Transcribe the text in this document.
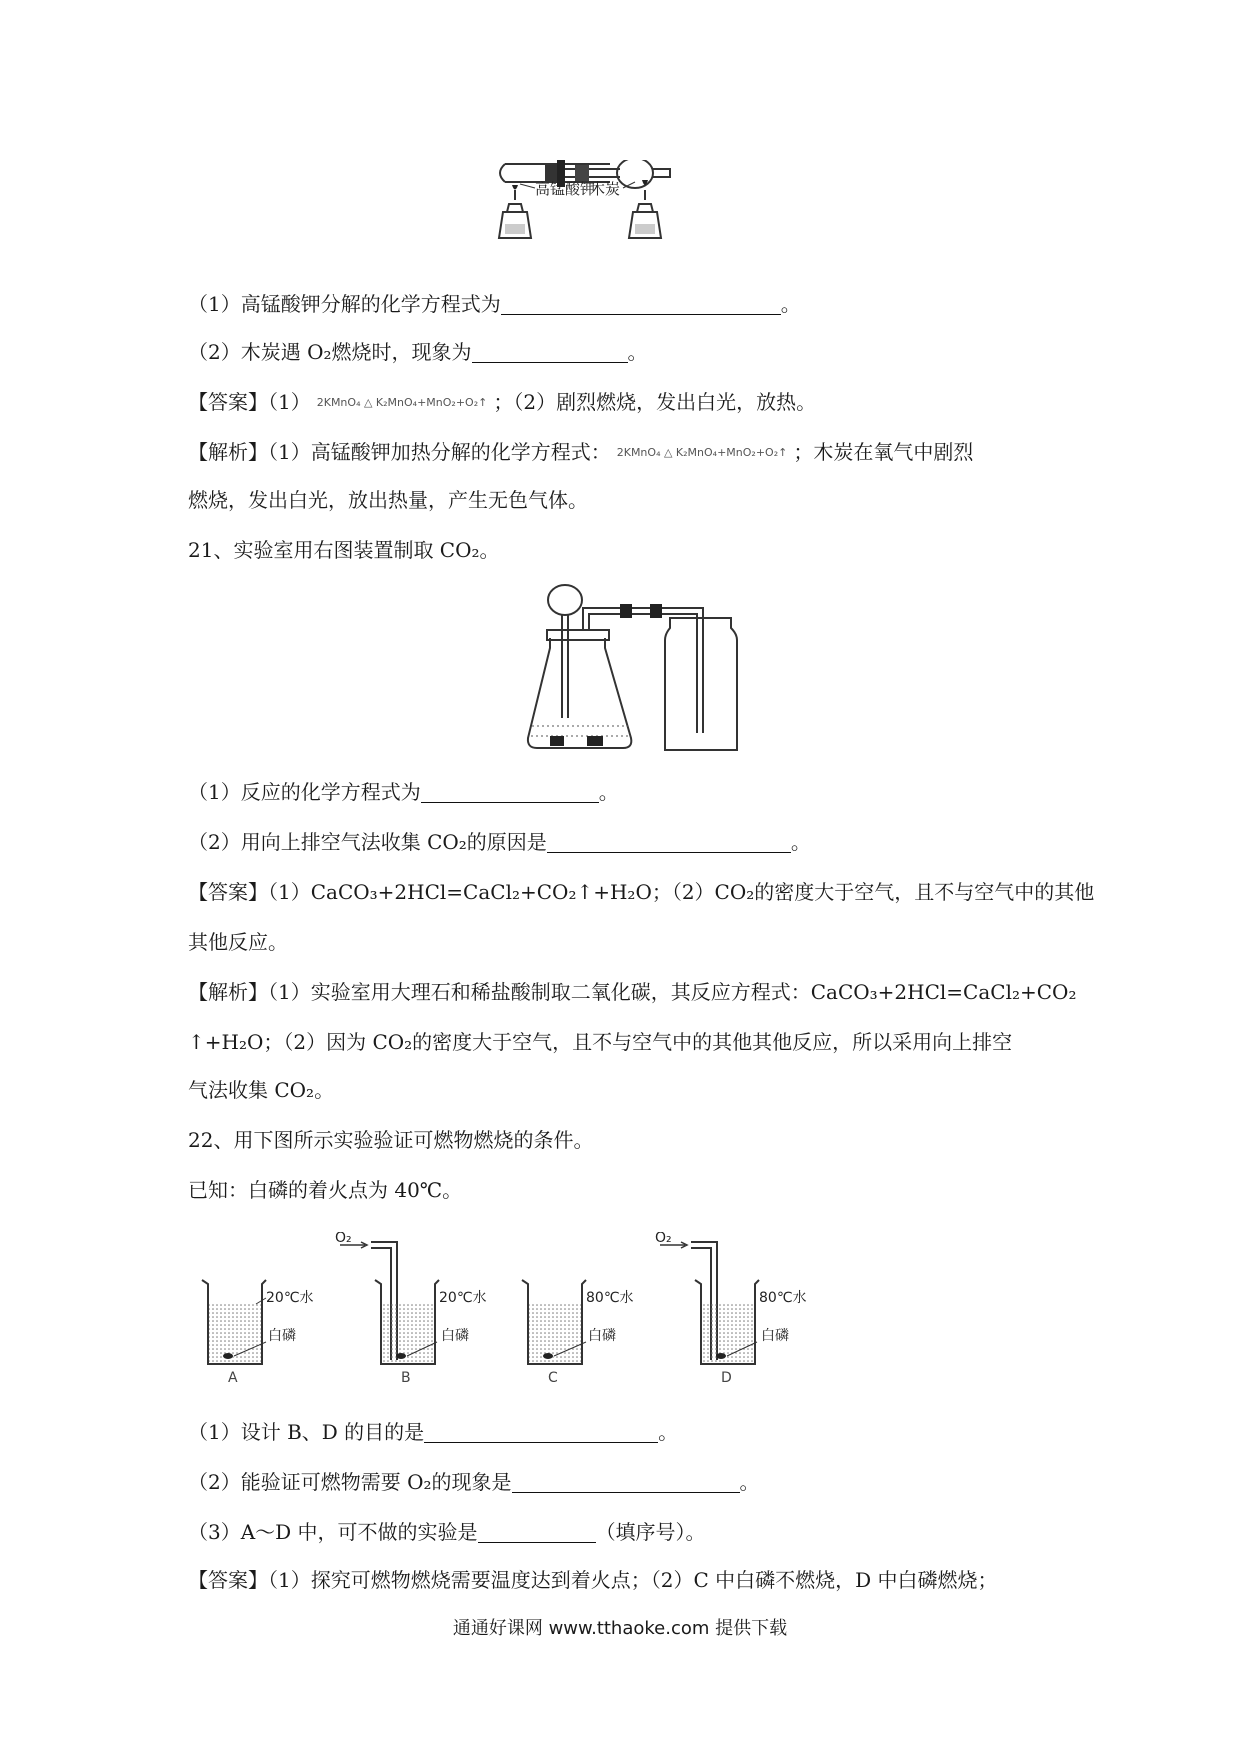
高锰酸钾
木炭
（1）高锰酸钾分解的化学方程式为	。
（2）木炭遇 O₂燃烧时，现象为	。
【答案】（1） 2KMnO₄ △ K₂MnO₄+MnO₂+O₂↑ ；（2）剧烈燃烧，发出白光，放热。
【解析】（1）高锰酸钾加热分解的化学方程式： 2KMnO₄ △ K₂MnO₄+MnO₂+O₂↑ ；木炭在氧气中剧烈
燃烧，发出白光，放出热量，产生无色气体。
21、实验室用右图装置制取 CO₂。
（1）反应的化学方程式为	。
（2）用向上排空气法收集 CO₂的原因是	。
【答案】（1）CaCO₃+2HCl=CaCl₂+CO₂↑+H₂O；（2）CO₂的密度大于空气，且不与空气中的其他
其他反应。
【解析】（1）实验室用大理石和稀盐酸制取二氧化碳，其反应方程式：CaCO₃+2HCl=CaCl₂+CO₂
↑+H₂O；（2）因为 CO₂的密度大于空气，且不与空气中的其他其他反应，所以采用向上排空
气法收集 CO₂。
22、用下图所示实验验证可燃物燃烧的条件。
已知：白磷的着火点为 40℃。
20℃水
白磷
A
O₂
20℃水
白磷
B
80℃水
白磷
C
O₂
80℃水
白磷
D
（1）设计 B、D 的目的是	。
（2）能验证可燃物需要 O₂的现象是	。
（3）A～D 中，可不做的实验是	（填序号）。
【答案】（1）探究可燃物燃烧需要温度达到着火点；（2）C 中白磷不燃烧，D 中白磷燃烧；
通通好课网 www.tthaoke.com 提供下载
